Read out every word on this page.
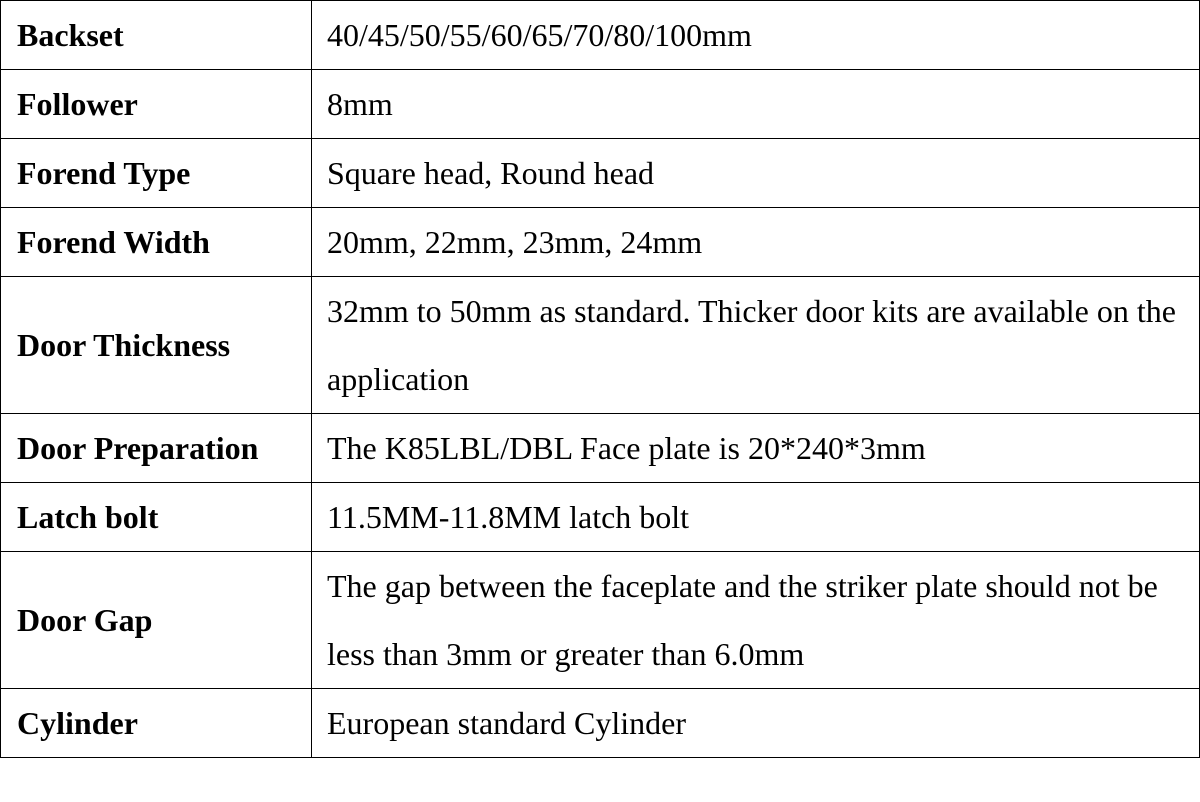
Backset	40/45/50/55/60/65/70/80/100mm
Follower	8mm
Forend Type	Square head, Round head
Forend Width	20mm, 22mm, 23mm, 24mm
Door Thickness	32mm to 50mm as standard. Thicker door kits are available on the application
Door Preparation	The K85LBL/DBL Face plate is 20*240*3mm
Latch bolt	11.5MM-11.8MM latch bolt
Door Gap	The gap between the faceplate and the striker plate should not be less than 3mm or greater than 6.0mm
Cylinder	European standard Cylinder
